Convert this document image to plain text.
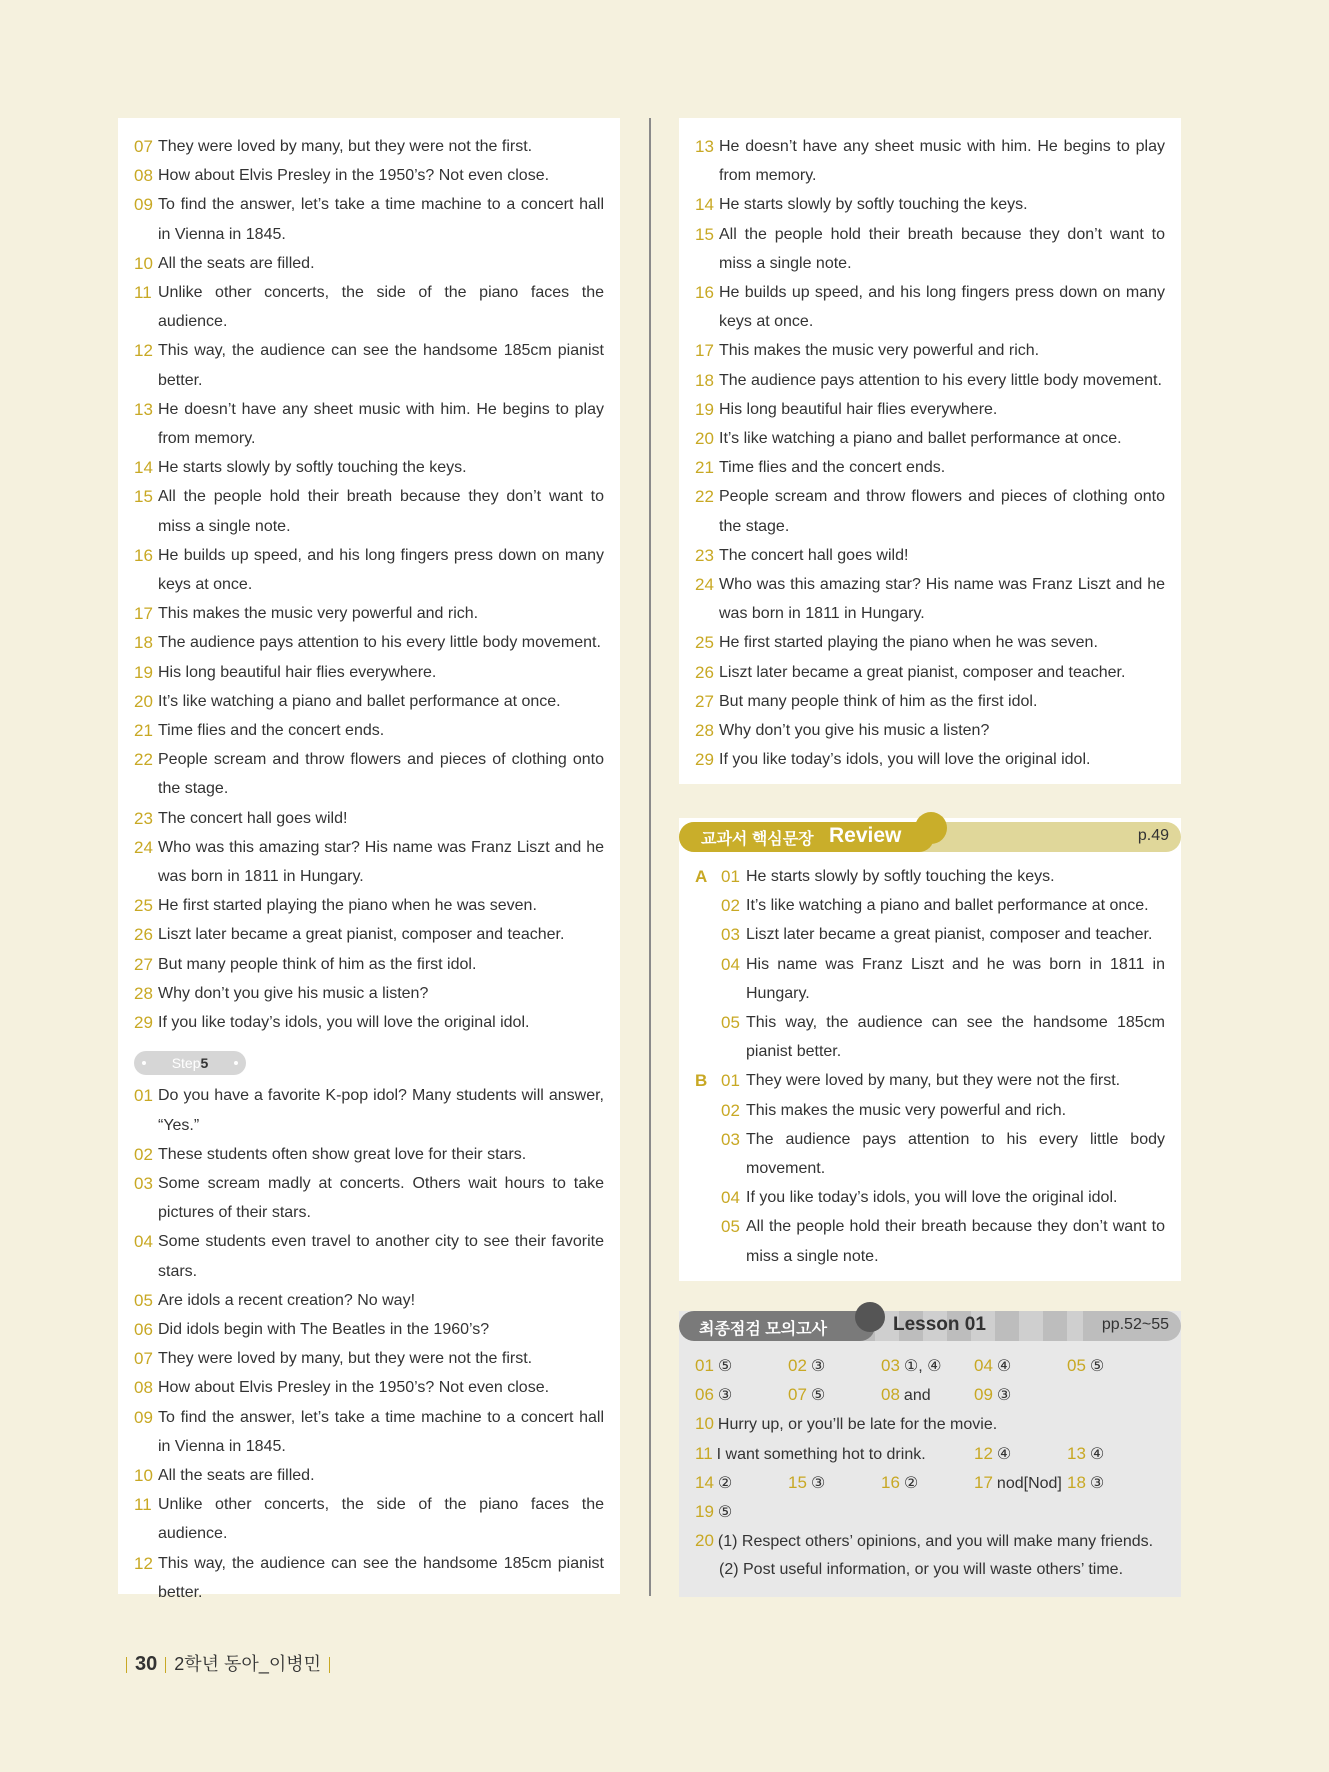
07 They were loved by many, but they were not the first.
08 How about Elvis Presley in the 1950’s? Not even close.
09 To find the answer, let’s take a time machine to a concert hall in Vienna in 1845.
10 All the seats are filled.
11 Unlike other concerts, the side of the piano faces the audience.
12 This way, the audience can see the handsome 185cm pianist better.
13 He doesn’t have any sheet music with him. He begins to play from memory.
14 He starts slowly by softly touching the keys.
15 All the people hold their breath because they don’t want to miss a single note.
16 He builds up speed, and his long fingers press down on many keys at once.
17 This makes the music very powerful and rich.
18 The audience pays attention to his every little body movement.
19 His long beautiful hair flies everywhere.
20 It’s like watching a piano and ballet performance at once.
21 Time flies and the concert ends.
22 People scream and throw flowers and pieces of clothing onto the stage.
23 The concert hall goes wild!
24 Who was this amazing star? His name was Franz Liszt and he was born in 1811 in Hungary.
25 He first started playing the piano when he was seven.
26 Liszt later became a great pianist, composer and teacher.
27 But many people think of him as the first idol.
28 Why don’t you give his music a listen?
29 If you like today’s idols, you will love the original idol.
Step5
01 Do you have a favorite K-pop idol? Many students will answer, “Yes.”
02 These students often show great love for their stars.
03 Some scream madly at concerts. Others wait hours to take pictures of their stars.
04 Some students even travel to another city to see their favorite stars.
05 Are idols a recent creation? No way!
06 Did idols begin with The Beatles in the 1960’s?
07 They were loved by many, but they were not the first.
08 How about Elvis Presley in the 1950’s? Not even close.
09 To find the answer, let’s take a time machine to a concert hall in Vienna in 1845.
10 All the seats are filled.
11 Unlike other concerts, the side of the piano faces the audience.
12 This way, the audience can see the handsome 185cm pianist better.
13 He doesn’t have any sheet music with him. He begins to play from memory.
14 He starts slowly by softly touching the keys.
15 All the people hold their breath because they don’t want to miss a single note.
16 He builds up speed, and his long fingers press down on many keys at once.
17 This makes the music very powerful and rich.
18 The audience pays attention to his every little body movement.
19 His long beautiful hair flies everywhere.
20 It’s like watching a piano and ballet performance at once.
21 Time flies and the concert ends.
22 People scream and throw flowers and pieces of clothing onto the stage.
23 The concert hall goes wild!
24 Who was this amazing star? His name was Franz Liszt and he was born in 1811 in Hungary.
25 He first started playing the piano when he was seven.
26 Liszt later became a great pianist, composer and teacher.
27 But many people think of him as the first idol.
28 Why don’t you give his music a listen?
29 If you like today’s idols, you will love the original idol.
A 01 He starts slowly by softly touching the keys.
02 It’s like watching a piano and ballet performance at once.
03 Liszt later became a great pianist, composer and teacher.
04 His name was Franz Liszt and he was born in 1811 in Hungary.
05 This way, the audience can see the handsome 185cm pianist better.
B 01 They were loved by many, but they were not the first.
02 This makes the music very powerful and rich.
03 The audience pays attention to his every little body movement.
04 If you like today’s idols, you will love the original idol.
05 All the people hold their breath because they don’t want to miss a single note.
교과서 핵심문장 Review	p.49
01 ⑤	02 ③	03 ①, ④ 04 ④	05 ⑤
06 ③	07 ⑤	08 and	09 ③
10 Hurry up, or you’ll be late for the movie.
11 I want something hot to drink.	12 ④	13 ④
14 ②	15 ③	16 ②	17 nod[Nod] 18 ③
19 ⑤
20 (1) Respect others’ opinions, and you will make many friends.
(2) Post useful information, or you will waste others’ time.
최종점검 모의고사	Lesson 01	pp.52~55
30 2학년 동아_이병민
